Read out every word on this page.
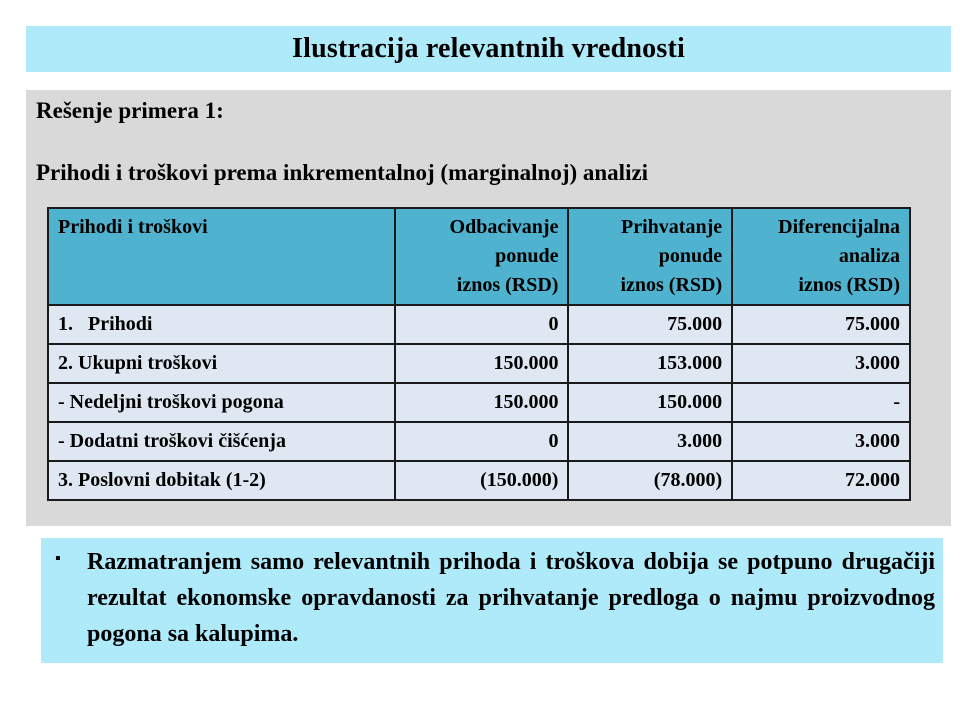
Ilustracija relevantnih vrednosti
Rešenje primera 1:
Prihodi i troškovi prema inkrementalnoj (marginalnoj) analizi
Prihodi i troškovi	Odbacivanje
ponude
iznos (RSD)	Prihvatanje
ponude
iznos (RSD)	Diferencijalna
analiza
iznos (RSD)

1.   Prihodi	0	75.000	75.000
2. Ukupni troškovi	150.000	153.000	3.000
- Nedeljni troškovi pogona	150.000	150.000	-
- Dodatni troškovi čišćenja	0	3.000	3.000
3. Poslovni dobitak (1-2)	(150.000)	(78.000)	72.000
▪ Razmatranjem samo relevantnih prihoda i troškova dobija se potpuno drugačiji rezultat ekonomske opravdanosti za prihvatanje predloga o najmu proizvodnog pogona sa kalupima.
